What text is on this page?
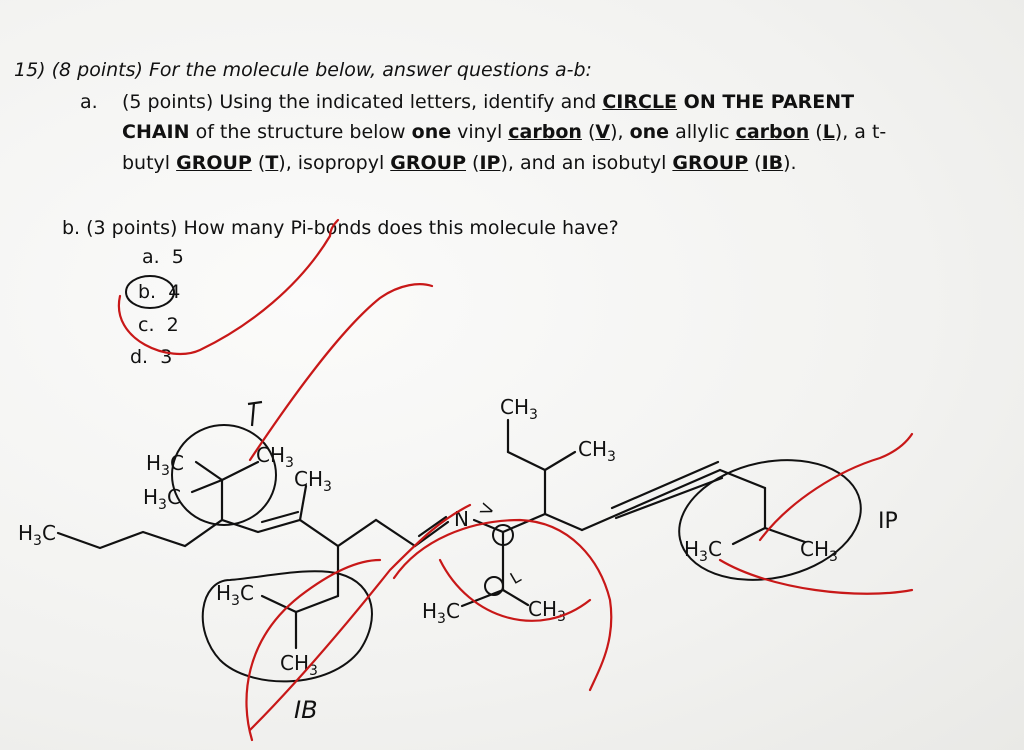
15) (8 points) For the molecule below, answer questions a-b:
a. (5 points) Using the indicated letters, identify and CIRCLE ON THE PARENT
CHAIN of the structure below one vinyl carbon (V), one allylic carbon (L), a t-
butyl GROUP (T), isopropyl GROUP (IP), and an isobutyl GROUP (IB).
b. (3 points) How many Pi-bonds does this molecule have?
a. 5
b. 4
c. 2
d. 3
$H_3C$
$H_3C$
$H_3C$
$CH_3$
$CH_3$
$H_3C$
$CH_3$
$CH_3$
$CH_3$
N
$H_3C$	$CH_3$
$H_3C$	$CH_3$
IB
IP
V
L
